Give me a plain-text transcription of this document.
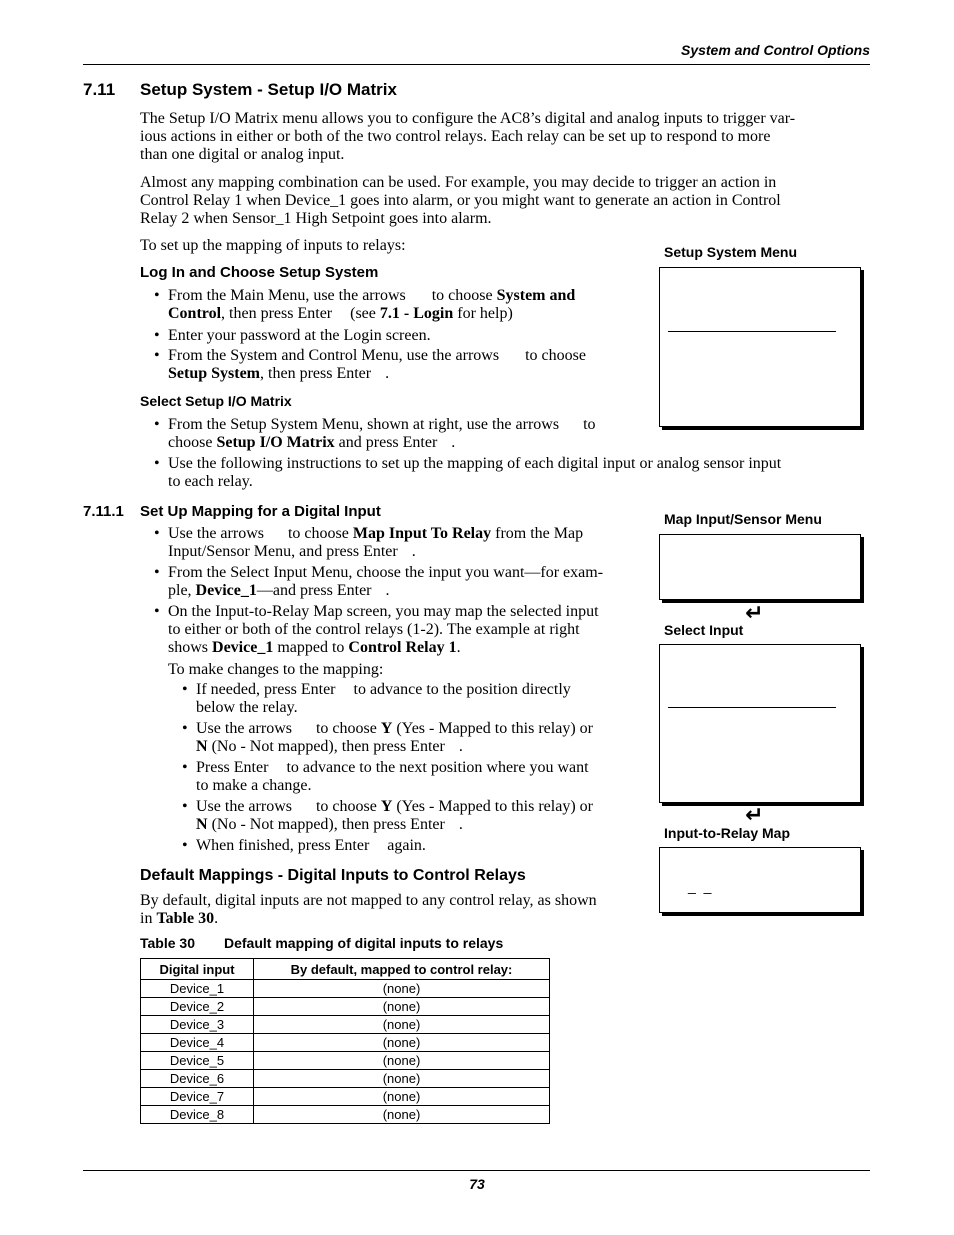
System and Control Options
7.11 Setup System - Setup I/O Matrix
The Setup I/O Matrix menu allows you to configure the AC8’s digital and analog inputs to trigger var-
ious actions in either or both of the two control relays. Each relay can be set up to respond to more
than one digital or analog input.
Almost any mapping combination can be used. For example, you may decide to trigger an action in
Control Relay 1 when Device_1 goes into alarm, or you might want to generate an action in Control
Relay 2 when Sensor_1 High Setpoint goes into alarm.
To set up the mapping of inputs to relays:
Log In and Choose Setup System
• From the Main Menu, use the arrows to choose System and
Control, then press Enter (see 7.1 - Login for help)
• Enter your password at the Login screen.
• From the System and Control Menu, use the arrows to choose
Setup System, then press Enter .
Select Setup I/O Matrix
• From the Setup System Menu, shown at right, use the arrows to
choose Setup I/O Matrix and press Enter .
• Use the following instructions to set up the mapping of each digital input or analog sensor input
to each relay.
7.11.1 Set Up Mapping for a Digital Input
• Use the arrows to choose Map Input To Relay from the Map
Input/Sensor Menu, and press Enter .
• From the Select Input Menu, choose the input you want—for exam-
ple, Device_1—and press Enter .
• On the Input-to-Relay Map screen, you may map the selected input
to either or both of the control relays (1-2). The example at right
shows Device_1 mapped to Control Relay 1.
To make changes to the mapping:
• If needed, press Enter to advance to the position directly
below the relay.
• Use the arrows to choose Y (Yes - Mapped to this relay) or
N (No - Not mapped), then press Enter .
• Press Enter to advance to the next position where you want
to make a change.
• Use the arrows to choose Y (Yes - Mapped to this relay) or
N (No - Not mapped), then press Enter .
• When finished, press Enter again.
Default Mappings - Digital Inputs to Control Relays
By default, digital inputs are not mapped to any control relay, as shown
in Table 30.
Table 30 Default mapping of digital inputs to relays
Digital input	By default, mapped to control relay:
Device_1	(none)
Device_2	(none)
Device_3	(none)
Device_4	(none)
Device_5	(none)
Device_6	(none)
Device_7	(none)
Device_8	(none)
Setup System Menu
Map Input/Sensor Menu
↵
Select Input
↵
Input-to-Relay Map
_ _
73
